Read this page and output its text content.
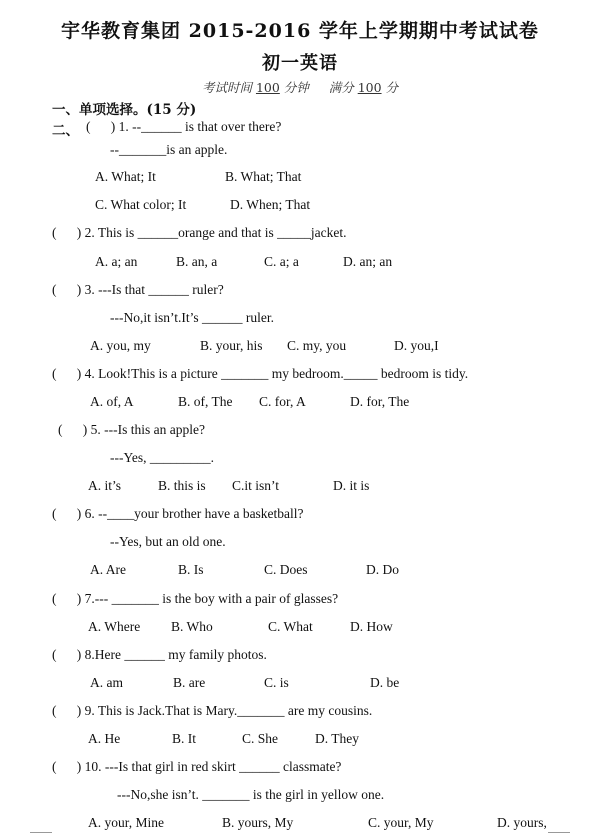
宇华教育集团 2015-2016 学年上学期期中考试试卷
初一英语
考试时间 100 分钟 满分 100 分
一、单项选择。(15 分)
二、 (      ) 1. --______ is that over there?
--_______is an apple.
A. What; It	B. What; That
C. What color; It	D. When; That
(      ) 2. This is ______orange and that is _____jacket.
A. a; an	B. an, a	C. a; a	D. an; an
(      ) 3. ---Is that ______ ruler?
---No,it isn’t.It’s ______ ruler.
A. you, my	B. your, his C. my, you	D. you,I
(      ) 4. Look!This is a picture _______ my bedroom._____ bedroom is tidy.
A. of, A	B. of, The C. for, A	D. for, The
(      ) 5. ---Is this an apple?
---Yes, _________.
A. it’s	B. this is C.it isn’t	D. it is
(      ) 6. --____your brother have a basketball?
--Yes, but an old one.
A. Are	B. Is	C. Does	D. Do
(      ) 7.--- _______ is the boy with a pair of glasses?
A. Where B. Who	C. What	D. How
(      ) 8.Here ______ my family photos.
A. am	B. are	C. is	D. be
(      ) 9. This is Jack.That is Mary._______ are my cousins.
A. He	B. It	C. She	D. They
(      ) 10. ---Is that girl in red skirt ______ classmate?
---No,she isn’t. _______ is the girl in yellow one.
A. your, Mine	B. yours, My	C. your, My	D. yours,
